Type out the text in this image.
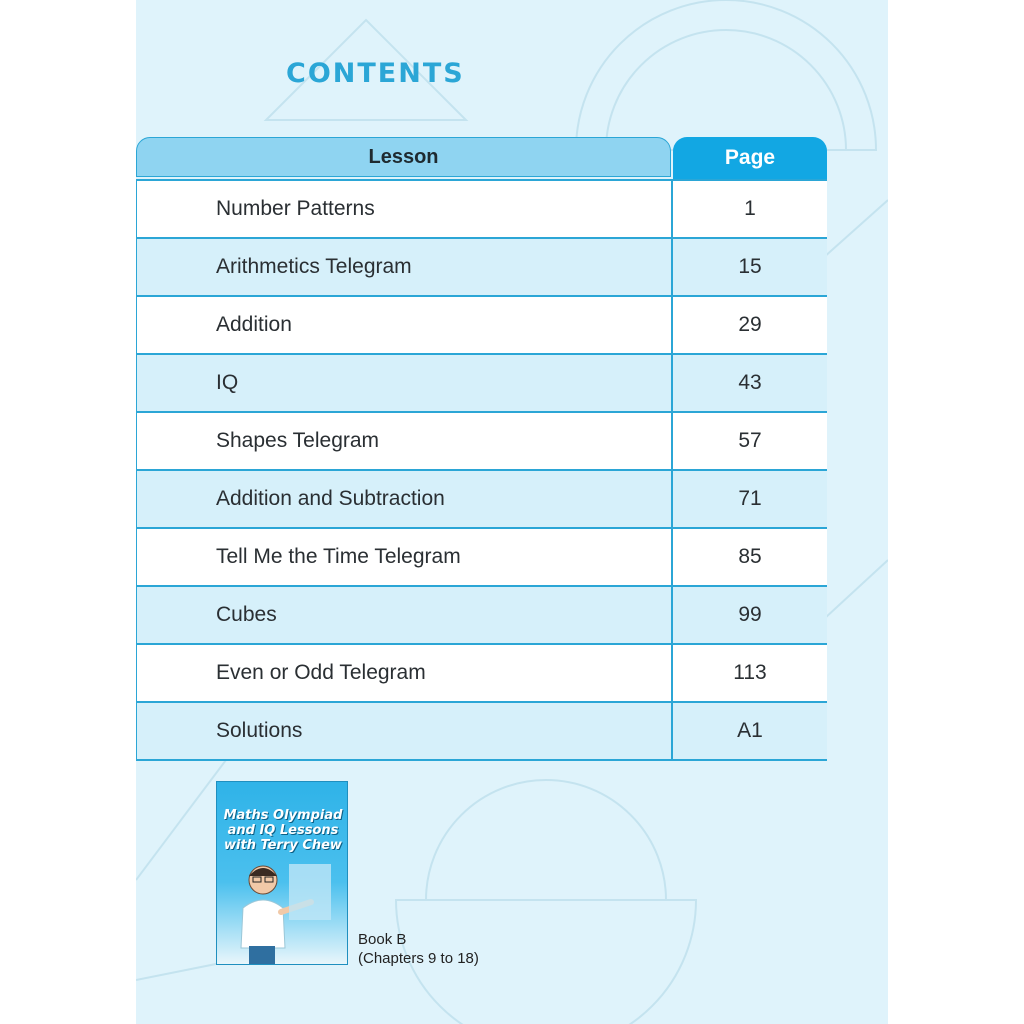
CONTENTS
Lesson	Page
Number Patterns	1
Arithmetics Telegram	15
Addition	29
IQ	43
Shapes Telegram	57
Addition and Subtraction	71
Tell Me the Time Telegram	85
Cubes	99
Even or Odd Telegram	113
Solutions	A1
Maths Olympiad
and IQ Lessons
with Terry Chew
Book B
(Chapters 9 to 18)
